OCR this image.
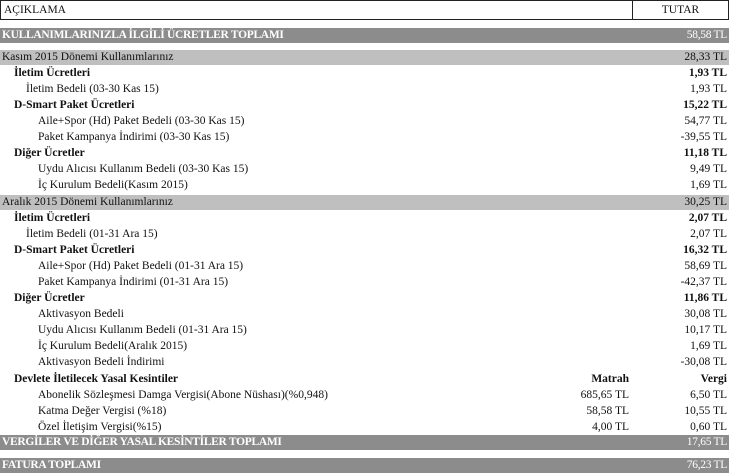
AÇIKLAMA	TUTAR
KULLANIMLARINIZLA İLGİLİ ÜCRETLER TOPLAMI	58,58 TL
Kasım 2015 Dönemi Kullanımlarınız	28,33 TL
İletim Ücretleri	1,93 TL
İletim Bedeli (03-30 Kas 15)	1,93 TL
D-Smart Paket Ücretleri	15,22 TL
Aile+Spor (Hd) Paket Bedeli (03-30 Kas 15)	54,77 TL
Paket Kampanya İndirimi (03-30 Kas 15)	-39,55 TL
Diğer Ücretler	11,18 TL
Uydu Alıcısı Kullanım Bedeli (03-30 Kas 15)	9,49 TL
İç Kurulum Bedeli(Kasım 2015)	1,69 TL
Aralık 2015 Dönemi Kullanımlarınız	30,25 TL
İletim Ücretleri	2,07 TL
İletim Bedeli (01-31 Ara 15)	2,07 TL
D-Smart Paket Ücretleri	16,32 TL
Aile+Spor (Hd) Paket Bedeli (01-31 Ara 15)	58,69 TL
Paket Kampanya İndirimi (01-31 Ara 15)	-42,37 TL
Diğer Ücretler	11,86 TL
Aktivasyon Bedeli	30,08 TL
Uydu Alıcısı Kullanım Bedeli (01-31 Ara 15)	10,17 TL
İç Kurulum Bedeli(Aralık 2015)	1,69 TL
Aktivasyon Bedeli İndirimi	-30,08 TL
Devlete İletilecek Yasal Kesintiler	Matrah	Vergi
Abonelik Sözleşmesi Damga Vergisi(Abone Nüshası)(%0,948)	685,65 TL	6,50 TL
Katma Değer Vergisi (%18)	58,58 TL	10,55 TL
Özel İletişim Vergisi(%15)	4,00 TL	0,60 TL
VERGİLER VE DİĞER YASAL KESİNTİLER TOPLAMI	17,65 TL
FATURA TOPLAMI	76,23 TL
